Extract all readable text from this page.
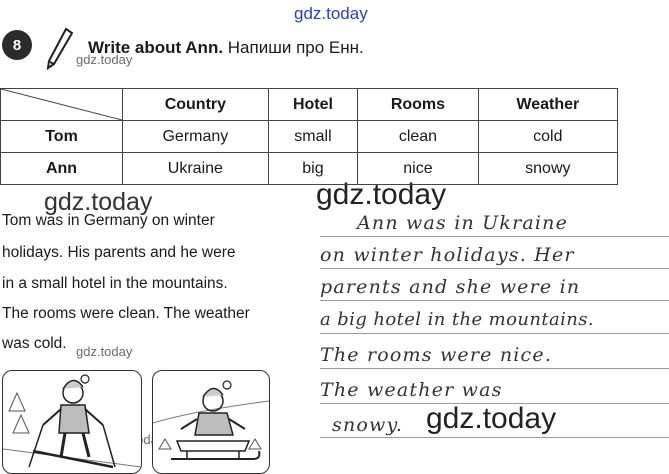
gdz.today
gdz.today
gdz.today
gdz.today
gdz.today
gdz.today
8	Write about Ann. Напиши про Енн.
	Country	Hotel	Rooms	Weather
Tom	Germany	small	clean	cold
Ann	Ukraine	big	nice	snowy
Tom was in Germany on winter
holidays. His parents and he were
in a small hotel in the mountains.
The rooms were clean. The weather
was cold.
Ann was in Ukraine
on winter holidays. Her
parents and she were in
a big hotel in the mountains.
The rooms were nice.
The weather was
snowy.
